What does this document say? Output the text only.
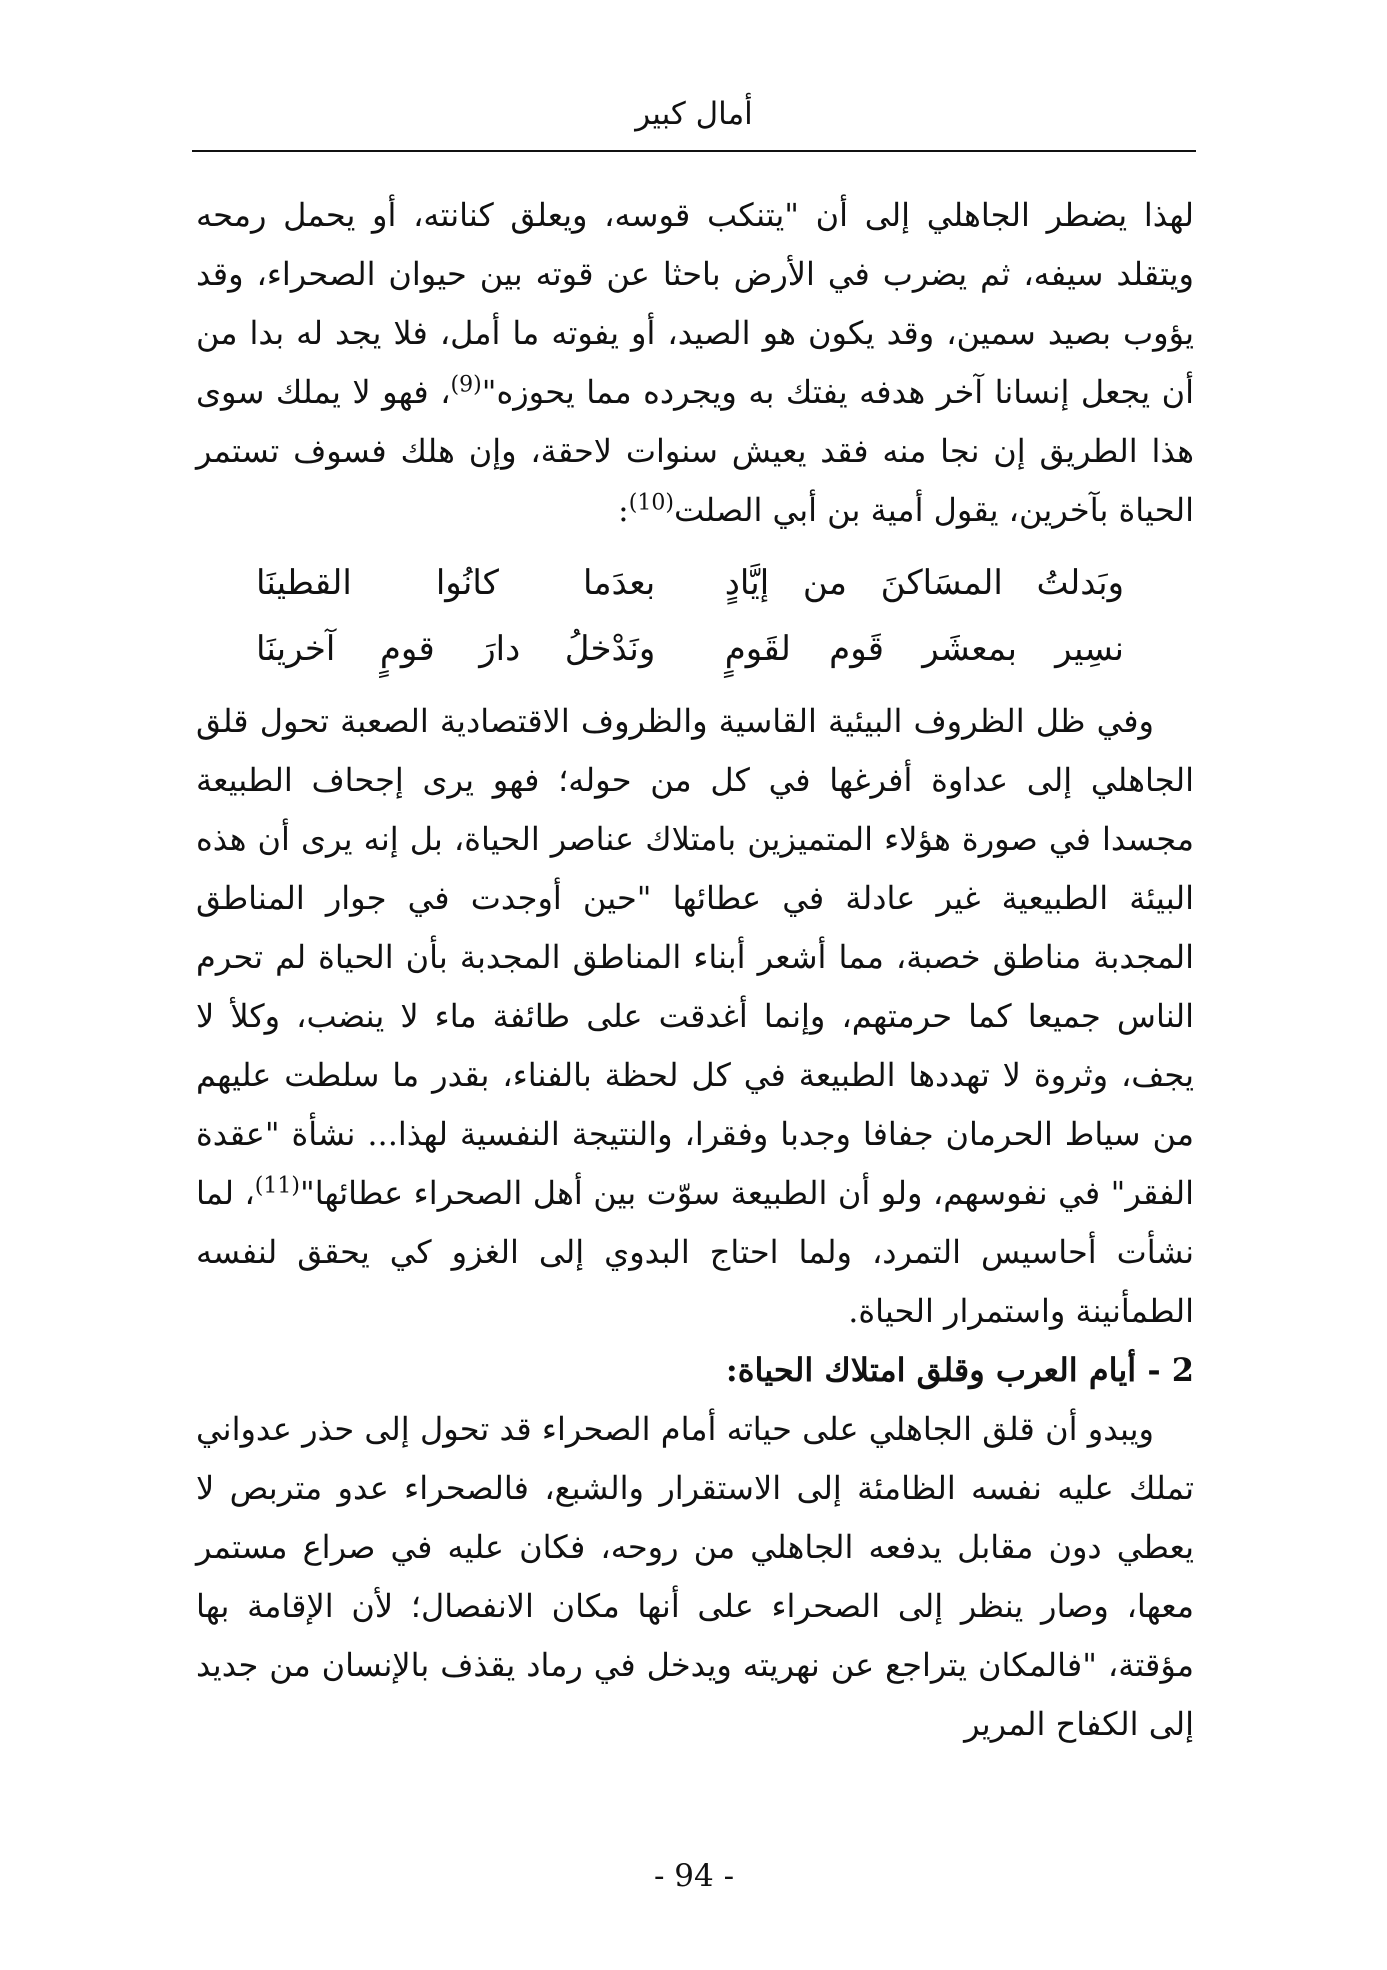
أمال كبير

لهذا يضطر الجاهلي إلى أن "يتنكب قوسه، ويعلق كنانته، أو يحمل رمحه ويتقلد سيفه، ثم يضرب في الأرض باحثا عن قوته بين حيوان الصحراء، وقد يؤوب بصيد سمين، وقد يكون هو الصيد، أو يفوته ما أمل، فلا يجد له بدا من أن يجعل إنسانا آخر هدفه يفتك به ويجرده مما يحوزه"$^{(9)}$، فهو لا يملك سوى هذا الطريق إن نجا منه فقد يعيش سنوات لاحقة، وإن هلك فسوف تستمر الحياة بآخرين، يقول أمية بن أبي الصلت$^{(10)}$:

وبَدلتُ المسَاكنَ من إيَّادٍ
بعدَما كانُوا القطينَا
نسِير بمعشَر قَوم لقَومٍ
ونَدْخلُ دارَ قومٍ آخرينَا

وفي ظل الظروف البيئية القاسية والظروف الاقتصادية الصعبة تحول قلق الجاهلي إلى عداوة أفرغها في كل من حوله؛ فهو يرى إجحاف الطبيعة مجسدا في صورة هؤلاء المتميزين بامتلاك عناصر الحياة، بل إنه يرى أن هذه البيئة الطبيعية غير عادلة في عطائها "حين أوجدت في جوار المناطق المجدبة مناطق خصبة، مما أشعر أبناء المناطق المجدبة بأن الحياة لم تحرم الناس جميعا كما حرمتهم، وإنما أغدقت على طائفة ماء لا ينضب، وكلأ لا يجف، وثروة لا تهددها الطبيعة في كل لحظة بالفناء، بقدر ما سلطت عليهم من سياط الحرمان جفافا وجدبا وفقرا، والنتيجة النفسية لهذا... نشأة "عقدة الفقر" في نفوسهم، ولو أن الطبيعة سوّت بين أهل الصحراء عطائها"$^{(11)}$، لما نشأت أحاسيس التمرد، ولما احتاج البدوي إلى الغزو كي يحقق لنفسه الطمأنينة واستمرار الحياة.

2 - أيام العرب وقلق امتلاك الحياة:

ويبدو أن قلق الجاهلي على حياته أمام الصحراء قد تحول إلى حذر عدواني تملك عليه نفسه الظامئة إلى الاستقرار والشبع، فالصحراء عدو متربص لا يعطي دون مقابل يدفعه الجاهلي من روحه، فكان عليه في صراع مستمر معها، وصار ينظر إلى الصحراء على أنها مكان الانفصال؛ لأن الإقامة بها مؤقتة، "فالمكان يتراجع عن نهريته ويدخل في رماد يقذف بالإنسان من جديد إلى الكفاح المرير

- 94 -
